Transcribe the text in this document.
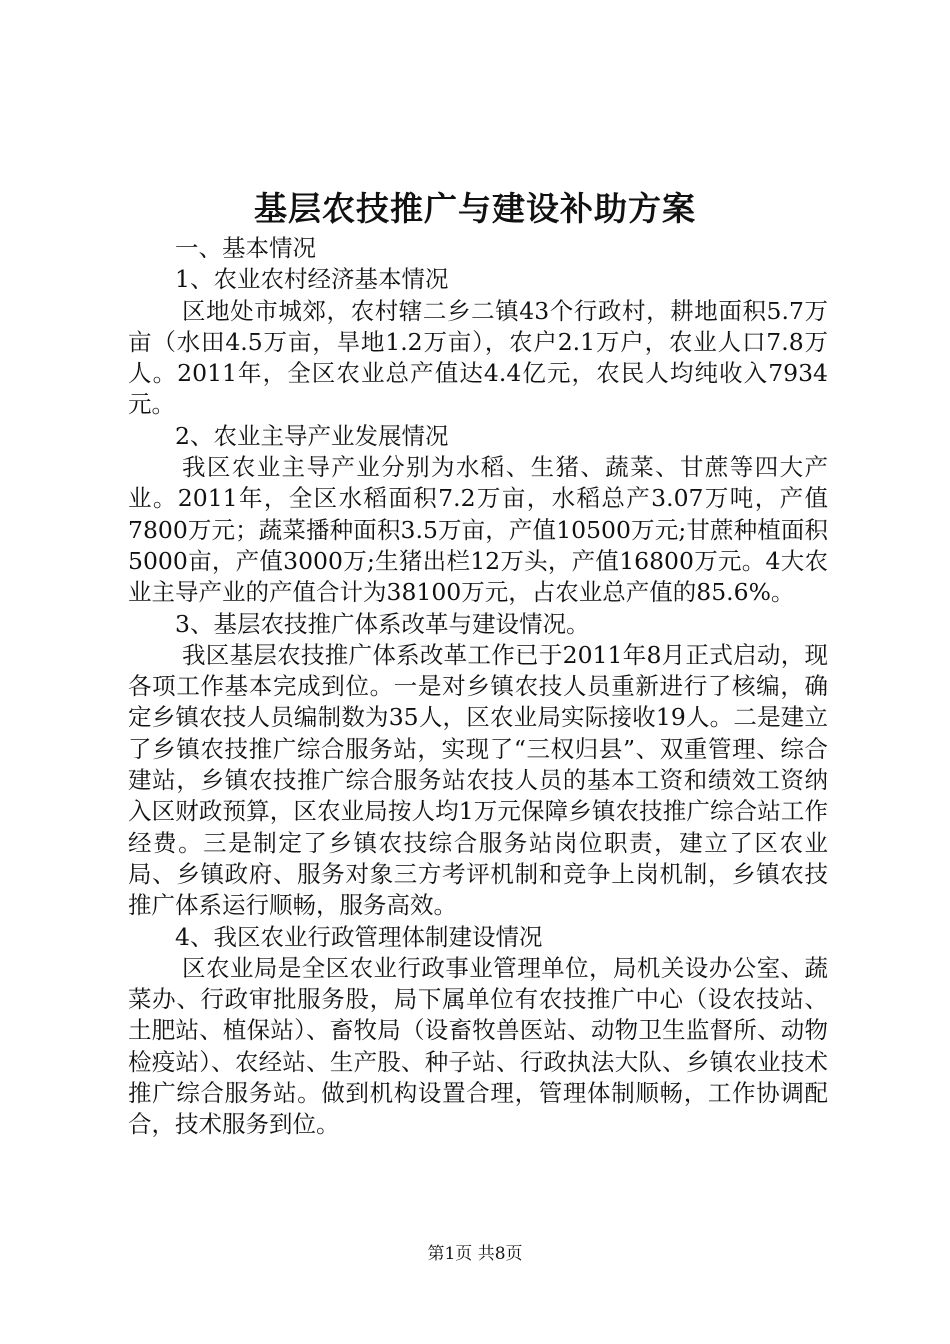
基层农技推广与建设补助方案

一、基本情况

1、农业农村经济基本情况

区地处市城郊，农村辖二乡二镇43个行政村，耕地面积5.7万亩（水田4.5万亩，旱地1.2万亩），农户2.1万户，农业人口7.8万人。2011年，全区农业总产值达4.4亿元，农民人均纯收入7934元。

2、农业主导产业发展情况

我区农业主导产业分别为水稻、生猪、蔬菜、甘蔗等四大产业。2011年，全区水稻面积7.2万亩，水稻总产3.07万吨，产值7800万元；蔬菜播种面积3.5万亩，产值10500万元;甘蔗种植面积5000亩，产值3000万;生猪出栏12万头，产值16800万元。4大农业主导产业的产值合计为38100万元，占农业总产值的85.6%。

3、基层农技推广体系改革与建设情况。

我区基层农技推广体系改革工作已于2011年8月正式启动，现各项工作基本完成到位。一是对乡镇农技人员重新进行了核编，确定乡镇农技人员编制数为35人，区农业局实际接收19人。二是建立了乡镇农技推广综合服务站，实现了“三权归县”、双重管理、综合建站，乡镇农技推广综合服务站农技人员的基本工资和绩效工资纳入区财政预算，区农业局按人均1万元保障乡镇农技推广综合站工作经费。三是制定了乡镇农技综合服务站岗位职责，建立了区农业局、乡镇政府、服务对象三方考评机制和竞争上岗机制，乡镇农技推广体系运行顺畅，服务高效。

4、我区农业行政管理体制建设情况

区农业局是全区农业行政事业管理单位，局机关设办公室、蔬菜办、行政审批服务股，局下属单位有农技推广中心（设农技站、土肥站、植保站）、畜牧局（设畜牧兽医站、动物卫生监督所、动物检疫站）、农经站、生产股、种子站、行政执法大队、乡镇农业技术推广综合服务站。做到机构设置合理，管理体制顺畅，工作协调配合，技术服务到位。

第1页 共8页
